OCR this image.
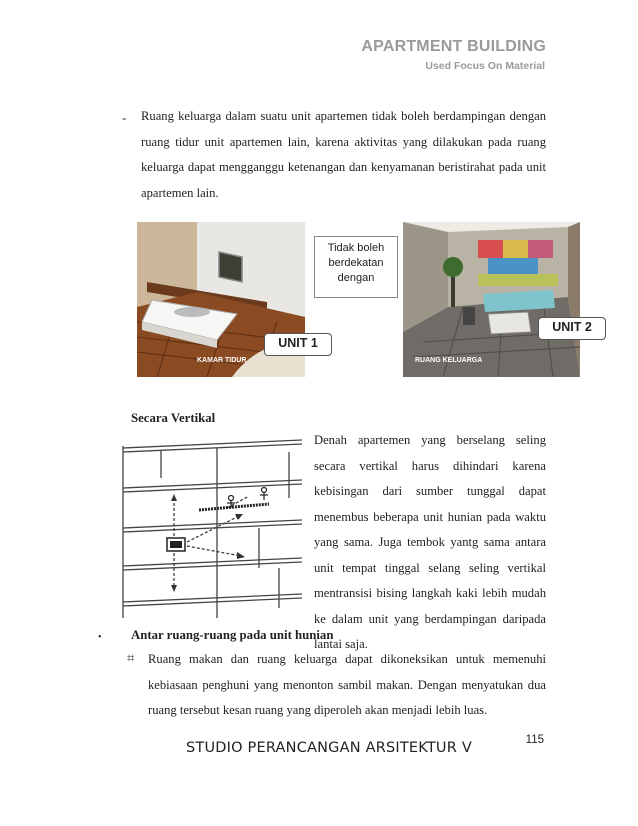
APARTMENT BUILDING
Used Focus On Material
- Ruang keluarga dalam suatu unit apartemen tidak boleh berdampingan dengan
ruang tidur unit apartemen lain, karena aktivitas yang dilakukan pada ruang
keluarga dapat mengganggu ketenangan dan kenyamanan beristirahat pada unit
apartemen lain.
KAMAR TIDUR	RUANG KELUARGA
Tidak boleh
berdekatan
dengan
UNIT 1
UNIT 2
Secara Vertikal
Denah apartemen yang berselang seling
secara vertikal harus dihindari karena
kebisingan dari sumber tunggal dapat
menembus beberapa unit hunian pada waktu
yang sama. Juga tembok yantg sama antara
unit tempat tinggal selang seling vertikal
mentransisi bising langkah kaki lebih mudah
ke dalam unit yang berdampingan daripada
lantai saja.
• Antar ruang-ruang pada unit hunian
⌗ Ruang makan dan ruang keluarga dapat dikoneksikan untuk memenuhi
kebiasaan penghuni yang menonton sambil makan. Dengan menyatukan dua
ruang tersebut kesan ruang yang diperoleh akan menjadi lebih luas.
115
STUDIO PERANCANGAN ARSITEKTUR V
